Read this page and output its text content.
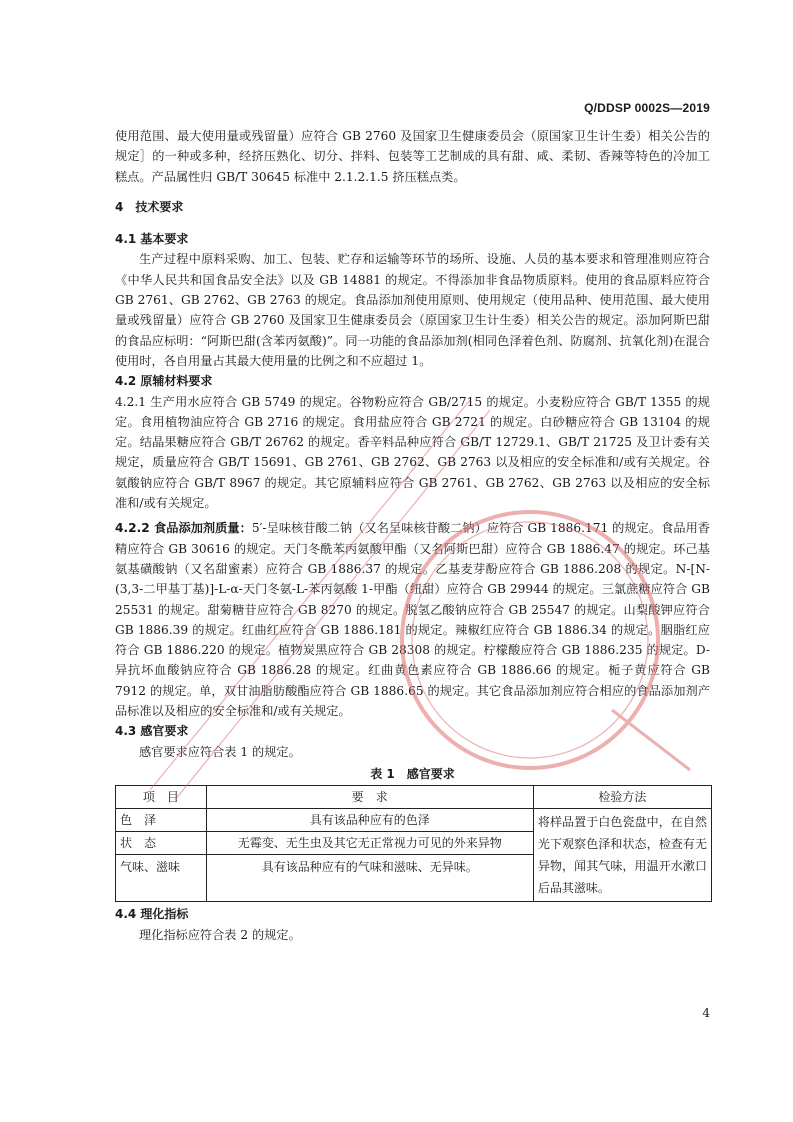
Q/DDSP 0002S—2019

使用范围、最大使用量或残留量）应符合 GB 2760 及国家卫生健康委员会（原国家卫生计生委）相关公告的规定］的一种或多种，经挤压熟化、切分、拌料、包装等工艺制成的具有甜、咸、柔韧、香辣等特色的冷加工糕点。产品属性归 GB/T 30645 标准中 2.1.2.1.5 挤压糕点类。

4　技术要求

4.1 基本要求

生产过程中原料采购、加工、包装、贮存和运输等环节的场所、设施、人员的基本要求和管理准则应符合《中华人民共和国食品安全法》以及 GB 14881 的规定。不得添加非食品物质原料。使用的食品原料应符合 GB 2761、GB 2762、GB 2763 的规定。食品添加剂使用原则、使用规定（使用品种、使用范围、最大使用量或残留量）应符合 GB 2760 及国家卫生健康委员会（原国家卫生计生委）相关公告的规定。添加阿斯巴甜的食品应标明：“阿斯巴甜(含苯丙氨酸)”。同一功能的食品添加剂(相同色泽着色剂、防腐剂、抗氧化剂)在混合使用时，各自用量占其最大使用量的比例之和不应超过 1。

4.2 原辅材料要求

4.2.1 生产用水应符合 GB 5749 的规定。谷物粉应符合 GB/2715 的规定。小麦粉应符合 GB/T 1355 的规定。食用植物油应符合 GB 2716 的规定。食用盐应符合 GB 2721 的规定。白砂糖应符合 GB 13104 的规定。结晶果糖应符合 GB/T 26762 的规定。香辛料品种应符合 GB/T 12729.1、GB/T 21725 及卫计委有关规定，质量应符合 GB/T 15691、GB 2761、GB 2762、GB 2763 以及相应的安全标准和/或有关规定。谷氨酸钠应符合 GB/T 8967 的规定。其它原辅料应符合 GB 2761、GB 2762、GB 2763 以及相应的安全标准和/或有关规定。

4.2.2 食品添加剂质量：5′-呈味核苷酸二钠（又名呈味核苷酸二钠）应符合 GB 1886.171 的规定。食品用香精应符合 GB 30616 的规定。天门冬酰苯丙氨酸甲酯（又名阿斯巴甜）应符合 GB 1886.47 的规定。环己基氨基磺酸钠（又名甜蜜素）应符合 GB 1886.37 的规定。乙基麦芽酚应符合 GB 1886.208 的规定。N-[N-(3,3-二甲基丁基)]-L-α-天门冬氨-L-苯丙氨酸 1-甲酯（纽甜）应符合 GB 29944 的规定。三氯蔗糖应符合 GB 25531 的规定。甜菊糖苷应符合 GB 8270 的规定。脱氢乙酸钠应符合 GB 25547 的规定。山梨酸钾应符合 GB 1886.39 的规定。红曲红应符合 GB 1886.181 的规定。辣椒红应符合 GB 1886.34 的规定。胭脂红应符合 GB 1886.220 的规定。植物炭黑应符合 GB 28308 的规定。柠檬酸应符合 GB 1886.235 的规定。D-异抗坏血酸钠应符合 GB 1886.28 的规定。红曲黄色素应符合 GB 1886.66 的规定。栀子黄应符合 GB 7912 的规定。单，双甘油脂肪酸酯应符合 GB 1886.65 的规定。其它食品添加剂应符合相应的食品添加剂产品标准以及相应的安全标准和/或有关规定。

4.3 感官要求

感官要求应符合表 1 的规定。

表 1　感官要求

项　目	要　求	检验方法
色　泽	具有该品种应有的色泽	将样品置于白色瓷盘中，在自然光下观察色泽和状态，检查有无异物，闻其气味，用温开水漱口后品其滋味。
状　态	无霉变、无生虫及其它无正常视力可见的外来异物	
气味、滋味	具有该品种应有的气味和滋味、无异味。	

4.4 理化指标

理化指标应符合表 2 的规定。

4
